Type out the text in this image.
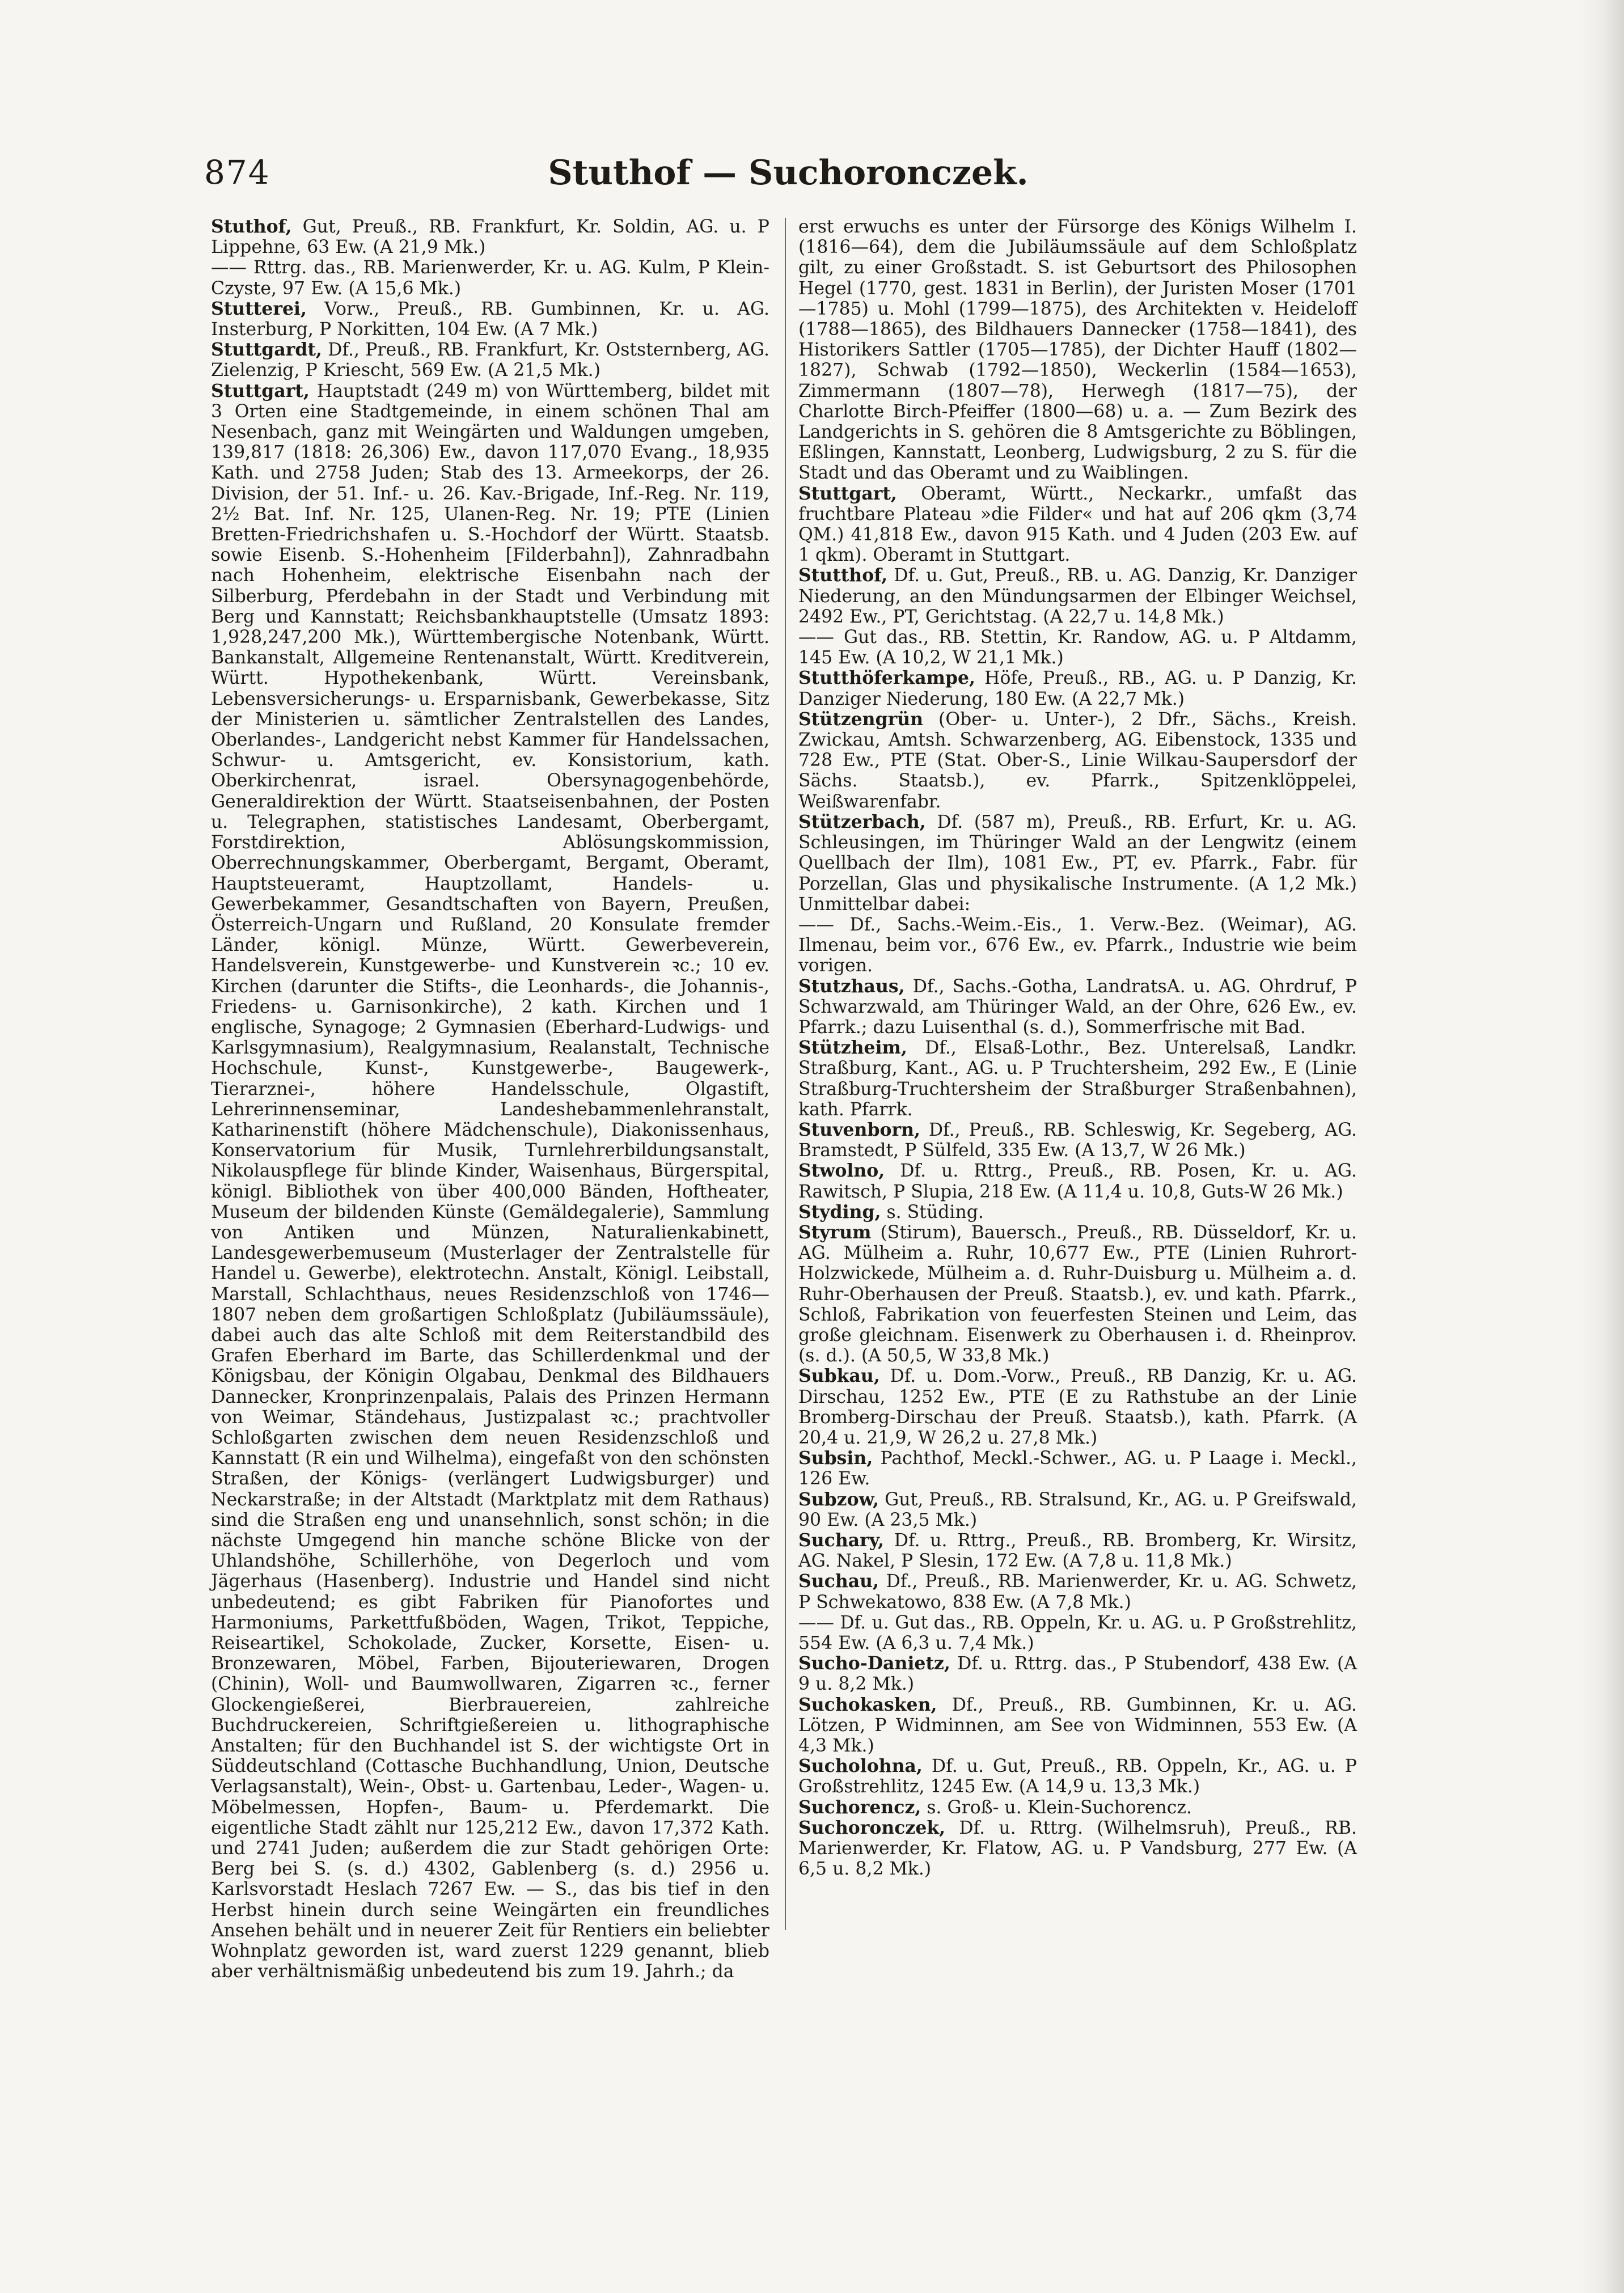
874	Stuthof — Suchoronczek.

Stuthof, Gut, Preuß., RB. Frankfurt, Kr. Soldin, AG. u. P Lippehne, 63 Ew. (A 21,9 Mk.)

—— Rttrg. das., RB. Marienwerder, Kr. u. AG. Kulm, P Klein-Czyste, 97 Ew. (A 15,6 Mk.)

Stutterei, Vorw., Preuß., RB. Gumbinnen, Kr. u. AG. Insterburg, P Norkitten, 104 Ew. (A 7 Mk.)

Stuttgardt, Df., Preuß., RB. Frankfurt, Kr. Oststernberg, AG. Zielenzig, P Kriescht, 569 Ew. (A 21,5 Mk.)

Stuttgart, Hauptstadt (249 m) von Württemberg, bildet mit 3 Orten eine Stadtgemeinde, in einem schönen Thal am Nesenbach, ganz mit Weingärten und Waldungen umgeben, 139,817 (1818: 26,306) Ew., davon 117,070 Evang., 18,935 Kath. und 2758 Juden; Stab des 13. Armeekorps, der 26. Division, der 51. Inf.- u. 26. Kav.-Brigade, Inf.-Reg. Nr. 119, 2½ Bat. Inf. Nr. 125, Ulanen-Reg. Nr. 19; PTE (Linien Bretten-Friedrichshafen u. S.-Hochdorf der Württ. Staatsb. sowie Eisenb. S.-Hohenheim [Filderbahn]), Zahnradbahn nach Hohenheim, elektrische Eisenbahn nach der Silberburg, Pferdebahn in der Stadt und Verbindung mit Berg und Kannstatt; Reichsbankhauptstelle (Umsatz 1893: 1,928,247,200 Mk.), Württembergische Notenbank, Württ. Bankanstalt, Allgemeine Rentenanstalt, Württ. Kreditverein, Württ. Hypothekenbank, Württ. Vereinsbank, Lebensversicherungs- u. Ersparnisbank, Gewerbekasse, Sitz der Ministerien u. sämtlicher Zentralstellen des Landes, Oberlandes-, Landgericht nebst Kammer für Handelssachen, Schwur- u. Amtsgericht, ev. Konsistorium, kath. Oberkirchenrat, israel. Obersynagogenbehörde, Generaldirektion der Württ. Staatseisenbahnen, der Posten u. Telegraphen, statistisches Landesamt, Oberbergamt, Forstdirektion, Ablösungskommission, Oberrechnungskammer, Oberbergamt, Bergamt, Oberamt, Hauptsteueramt, Hauptzollamt, Handels- u. Gewerbekammer, Gesandtschaften von Bayern, Preußen, Österreich-Ungarn und Rußland, 20 Konsulate fremder Länder, königl. Münze, Württ. Gewerbeverein, Handelsverein, Kunstgewerbe- und Kunstverein ꝛc.; 10 ev. Kirchen (darunter die Stifts-, die Leonhards-, die Johannis-, Friedens- u. Garnisonkirche), 2 kath. Kirchen und 1 englische, Synagoge; 2 Gymnasien (Eberhard-Ludwigs- und Karlsgymnasium), Realgymnasium, Realanstalt, Technische Hochschule, Kunst-, Kunstgewerbe-, Baugewerk-, Tierarznei-, höhere Handelsschule, Olgastift, Lehrerinnenseminar, Landeshebammenlehranstalt, Katharinenstift (höhere Mädchenschule), Diakonissenhaus, Konservatorium für Musik, Turnlehrerbildungsanstalt, Nikolauspflege für blinde Kinder, Waisenhaus, Bürgerspital, königl. Bibliothek von über 400,000 Bänden, Hoftheater, Museum der bildenden Künste (Gemäldegalerie), Sammlung von Antiken und Münzen, Naturalienkabinett, Landesgewerbemuseum (Musterlager der Zentralstelle für Handel u. Gewerbe), elektrotechn. Anstalt, Königl. Leibstall, Marstall, Schlachthaus, neues Residenzschloß von 1746—1807 neben dem großartigen Schloßplatz (Jubiläumssäule), dabei auch das alte Schloß mit dem Reiterstandbild des Grafen Eberhard im Barte, das Schillerdenkmal und der Königsbau, der Königin Olgabau, Denkmal des Bildhauers Dannecker, Kronprinzenpalais, Palais des Prinzen Hermann von Weimar, Ständehaus, Justizpalast ꝛc.; prachtvoller Schloßgarten zwischen dem neuen Residenzschloß und Kannstatt (R ein und Wilhelma), eingefaßt von den schönsten Straßen, der Königs- (verlängert Ludwigsburger) und Neckarstraße; in der Altstadt (Marktplatz mit dem Rathaus) sind die Straßen eng und unansehnlich, sonst schön; in die nächste Umgegend hin manche schöne Blicke von der Uhlandshöhe, Schillerhöhe, von Degerloch und vom Jägerhaus (Hasenberg). Industrie und Handel sind nicht unbedeutend; es gibt Fabriken für Pianofortes und Harmoniums, Parkettfußböden, Wagen, Trikot, Teppiche, Reiseartikel, Schokolade, Zucker, Korsette, Eisen- u. Bronzewaren, Möbel, Farben, Bijouteriewaren, Drogen (Chinin), Woll- und Baumwollwaren, Zigarren ꝛc., ferner Glockengießerei, Bierbrauereien, zahlreiche Buchdruckereien, Schriftgießereien u. lithographische Anstalten; für den Buchhandel ist S. der wichtigste Ort in Süddeutschland (Cottasche Buchhandlung, Union, Deutsche Verlagsanstalt), Wein-, Obst- u. Gartenbau, Leder-, Wagen- u. Möbelmessen, Hopfen-, Baum- u. Pferdemarkt. Die eigentliche Stadt zählt nur 125,212 Ew., davon 17,372 Kath. und 2741 Juden; außerdem die zur Stadt gehörigen Orte: Berg bei S. (s. d.) 4302, Gablenberg (s. d.) 2956 u. Karlsvorstadt Heslach 7267 Ew. — S., das bis tief in den Herbst hinein durch seine Weingärten ein freundliches Ansehen behält und in neuerer Zeit für Rentiers ein beliebter Wohnplatz geworden ist, ward zuerst 1229 genannt, blieb aber verhältnismäßig unbedeutend bis zum 19. Jahrh.; da

erst erwuchs es unter der Fürsorge des Königs Wilhelm I. (1816—64), dem die Jubiläumssäule auf dem Schloßplatz gilt, zu einer Großstadt. S. ist Geburtsort des Philosophen Hegel (1770, gest. 1831 in Berlin), der Juristen Moser (1701—1785) u. Mohl (1799—1875), des Architekten v. Heideloff (1788—1865), des Bildhauers Dannecker (1758—1841), des Historikers Sattler (1705—1785), der Dichter Hauff (1802—1827), Schwab (1792—1850), Weckerlin (1584—1653), Zimmermann (1807—78), Herwegh (1817—75), der Charlotte Birch-Pfeiffer (1800—68) u. a. — Zum Bezirk des Landgerichts in S. gehören die 8 Amtsgerichte zu Böblingen, Eßlingen, Kannstatt, Leonberg, Ludwigsburg, 2 zu S. für die Stadt und das Oberamt und zu Waiblingen.

Stuttgart, Oberamt, Württ., Neckarkr., umfaßt das fruchtbare Plateau »die Filder« und hat auf 206 qkm (3,74 QM.) 41,818 Ew., davon 915 Kath. und 4 Juden (203 Ew. auf 1 qkm). Oberamt in Stuttgart.

Stutthof, Df. u. Gut, Preuß., RB. u. AG. Danzig, Kr. Danziger Niederung, an den Mündungsarmen der Elbinger Weichsel, 2492 Ew., PT, Gerichtstag. (A 22,7 u. 14,8 Mk.)

—— Gut das., RB. Stettin, Kr. Randow, AG. u. P Altdamm, 145 Ew. (A 10,2, W 21,1 Mk.)

Stutthöferkampe, Höfe, Preuß., RB., AG. u. P Danzig, Kr. Danziger Niederung, 180 Ew. (A 22,7 Mk.)

Stützengrün (Ober- u. Unter-), 2 Dfr., Sächs., Kreish. Zwickau, Amtsh. Schwarzenberg, AG. Eibenstock, 1335 und 728 Ew., PTE (Stat. Ober-S., Linie Wilkau-Saupersdorf der Sächs. Staatsb.), ev. Pfarrk., Spitzenklöppelei, Weißwarenfabr.

Stützerbach, Df. (587 m), Preuß., RB. Erfurt, Kr. u. AG. Schleusingen, im Thüringer Wald an der Lengwitz (einem Quellbach der Ilm), 1081 Ew., PT, ev. Pfarrk., Fabr. für Porzellan, Glas und physikalische Instrumente. (A 1,2 Mk.) Unmittelbar dabei:

—— Df., Sachs.-Weim.-Eis., 1. Verw.-Bez. (Weimar), AG. Ilmenau, beim vor., 676 Ew., ev. Pfarrk., Industrie wie beim vorigen.

Stutzhaus, Df., Sachs.-Gotha, LandratsA. u. AG. Ohrdruf, P Schwarzwald, am Thüringer Wald, an der Ohre, 626 Ew., ev. Pfarrk.; dazu Luisenthal (s. d.), Sommerfrische mit Bad.

Stützheim, Df., Elsaß-Lothr., Bez. Unterelsaß, Landkr. Straßburg, Kant., AG. u. P Truchtersheim, 292 Ew., E (Linie Straßburg-Truchtersheim der Straßburger Straßenbahnen), kath. Pfarrk.

Stuvenborn, Df., Preuß., RB. Schleswig, Kr. Segeberg, AG. Bramstedt, P Sülfeld, 335 Ew. (A 13,7, W 26 Mk.)

Stwolno, Df. u. Rttrg., Preuß., RB. Posen, Kr. u. AG. Rawitsch, P Slupia, 218 Ew. (A 11,4 u. 10,8, Guts-W 26 Mk.)

Styding, s. Stüding.

Styrum (Stirum), Bauersch., Preuß., RB. Düsseldorf, Kr. u. AG. Mülheim a. Ruhr, 10,677 Ew., PTE (Linien Ruhrort-Holzwickede, Mülheim a. d. Ruhr-Duisburg u. Mülheim a. d. Ruhr-Oberhausen der Preuß. Staatsb.), ev. und kath. Pfarrk., Schloß, Fabrikation von feuerfesten Steinen und Leim, das große gleichnam. Eisenwerk zu Oberhausen i. d. Rheinprov. (s. d.). (A 50,5, W 33,8 Mk.)

Subkau, Df. u. Dom.-Vorw., Preuß., RB Danzig, Kr. u. AG. Dirschau, 1252 Ew., PTE (E zu Rathstube an der Linie Bromberg-Dirschau der Preuß. Staatsb.), kath. Pfarrk. (A 20,4 u. 21,9, W 26,2 u. 27,8 Mk.)

Subsin, Pachthof, Meckl.-Schwer., AG. u. P Laage i. Meckl., 126 Ew.

Subzow, Gut, Preuß., RB. Stralsund, Kr., AG. u. P Greifswald, 90 Ew. (A 23,5 Mk.)

Suchary, Df. u. Rttrg., Preuß., RB. Bromberg, Kr. Wirsitz, AG. Nakel, P Slesin, 172 Ew. (A 7,8 u. 11,8 Mk.)

Suchau, Df., Preuß., RB. Marienwerder, Kr. u. AG. Schwetz, P Schwekatowo, 838 Ew. (A 7,8 Mk.)

—— Df. u. Gut das., RB. Oppeln, Kr. u. AG. u. P Großstrehlitz, 554 Ew. (A 6,3 u. 7,4 Mk.)

Sucho-Danietz, Df. u. Rttrg. das., P Stubendorf, 438 Ew. (A 9 u. 8,2 Mk.)

Suchokasken, Df., Preuß., RB. Gumbinnen, Kr. u. AG. Lötzen, P Widminnen, am See von Widminnen, 553 Ew. (A 4,3 Mk.)

Sucholohna, Df. u. Gut, Preuß., RB. Oppeln, Kr., AG. u. P Großstrehlitz, 1245 Ew. (A 14,9 u. 13,3 Mk.)

Suchorencz, s. Groß- u. Klein-Suchorencz.

Suchoronczek, Df. u. Rttrg. (Wilhelmsruh), Preuß., RB. Marienwerder, Kr. Flatow, AG. u. P Vandsburg, 277 Ew. (A 6,5 u. 8,2 Mk.)
